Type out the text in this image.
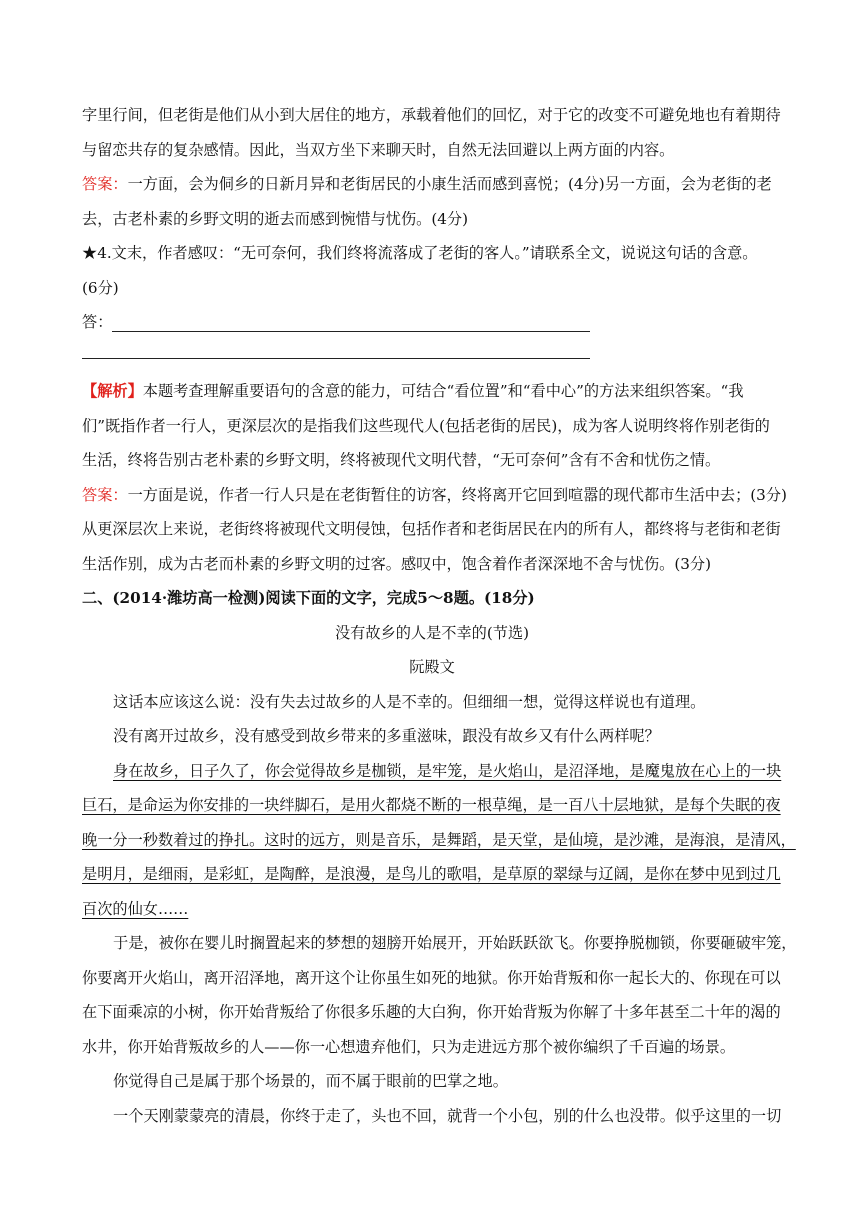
字里行间，但老街是他们从小到大居住的地方，承载着他们的回忆，对于它的改变不可避免地也有着期待
与留恋共存的复杂感情。因此，当双方坐下来聊天时，自然无法回避以上两方面的内容。
答案：一方面，会为侗乡的日新月异和老街居民的小康生活而感到喜悦；(4分)另一方面，会为老街的老
去，古老朴素的乡野文明的逝去而感到惋惜与忧伤。(4分)
★4.文末，作者感叹：“无可奈何，我们终将流落成了老街的客人。”请联系全文，说说这句话的含意。
(6分)
答：
【解析】本题考查理解重要语句的含意的能力，可结合“看位置”和“看中心”的方法来组织答案。“我
们”既指作者一行人，更深层次的是指我们这些现代人(包括老街的居民)，成为客人说明终将作别老街的
生活，终将告别古老朴素的乡野文明，终将被现代文明代替，“无可奈何”含有不舍和忧伤之情。
答案：一方面是说，作者一行人只是在老街暂住的访客，终将离开它回到喧嚣的现代都市生活中去；(3分)
从更深层次上来说，老街终将被现代文明侵蚀，包括作者和老街居民在内的所有人，都终将与老街和老街
生活作别，成为古老而朴素的乡野文明的过客。感叹中，饱含着作者深深地不舍与忧伤。(3分)
二、(2014·潍坊高一检测)阅读下面的文字，完成5～8题。(18分)
没有故乡的人是不幸的(节选)
阮殿文
这话本应该这么说：没有失去过故乡的人是不幸的。但细细一想，觉得这样说也有道理。
没有离开过故乡，没有感受到故乡带来的多重滋味，跟没有故乡又有什么两样呢？
身在故乡，日子久了，你会觉得故乡是枷锁，是牢笼，是火焰山，是沼泽地，是魔鬼放在心上的一块
巨石，是命运为你安排的一块绊脚石，是用火都烧不断的一根草绳，是一百八十层地狱，是每个失眠的夜
晚一分一秒数着过的挣扎。这时的远方，则是音乐，是舞蹈，是天堂，是仙境，是沙滩，是海浪，是清风，
是明月，是细雨，是彩虹，是陶醉，是浪漫，是鸟儿的歌唱，是草原的翠绿与辽阔，是你在梦中见到过几
百次的仙女……
于是，被你在婴儿时搁置起来的梦想的翅膀开始展开，开始跃跃欲飞。你要挣脱枷锁，你要砸破牢笼，
你要离开火焰山，离开沼泽地，离开这个让你虽生如死的地狱。你开始背叛和你一起长大的、你现在可以
在下面乘凉的小树，你开始背叛给了你很多乐趣的大白狗，你开始背叛为你解了十多年甚至二十年的渴的
水井，你开始背叛故乡的人——你一心想遗弃他们，只为走进远方那个被你编织了千百遍的场景。
你觉得自己是属于那个场景的，而不属于眼前的巴掌之地。
一个天刚蒙蒙亮的清晨，你终于走了，头也不回，就背一个小包，别的什么也没带。似乎这里的一切
